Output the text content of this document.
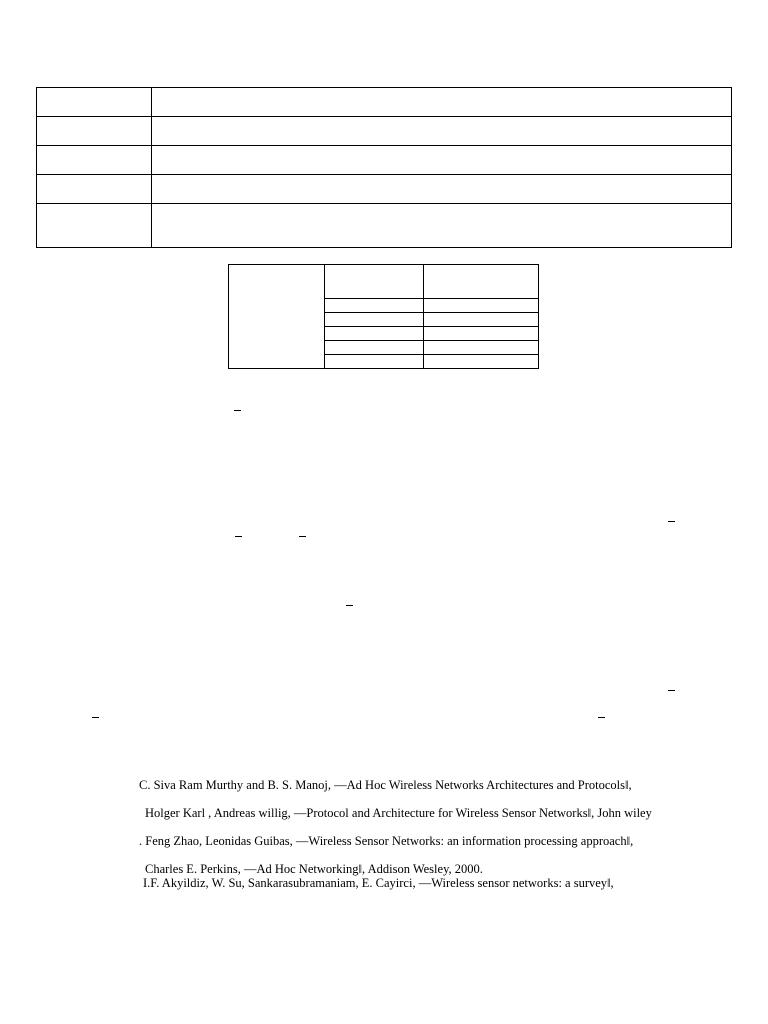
C. Siva Ram Murthy and B. S. Manoj, —Ad Hoc Wireless Networks Architectures and Protocols‖,
Holger Karl , Andreas willig, —Protocol and Architecture for Wireless Sensor Networks‖, John wiley
. Feng Zhao, Leonidas Guibas, —Wireless Sensor Networks: an information processing approach‖,
Charles E. Perkins, —Ad Hoc Networking‖, Addison Wesley, 2000.
I.F. Akyildiz, W. Su, Sankarasubramaniam, E. Cayirci, —Wireless sensor networks: a survey‖,
